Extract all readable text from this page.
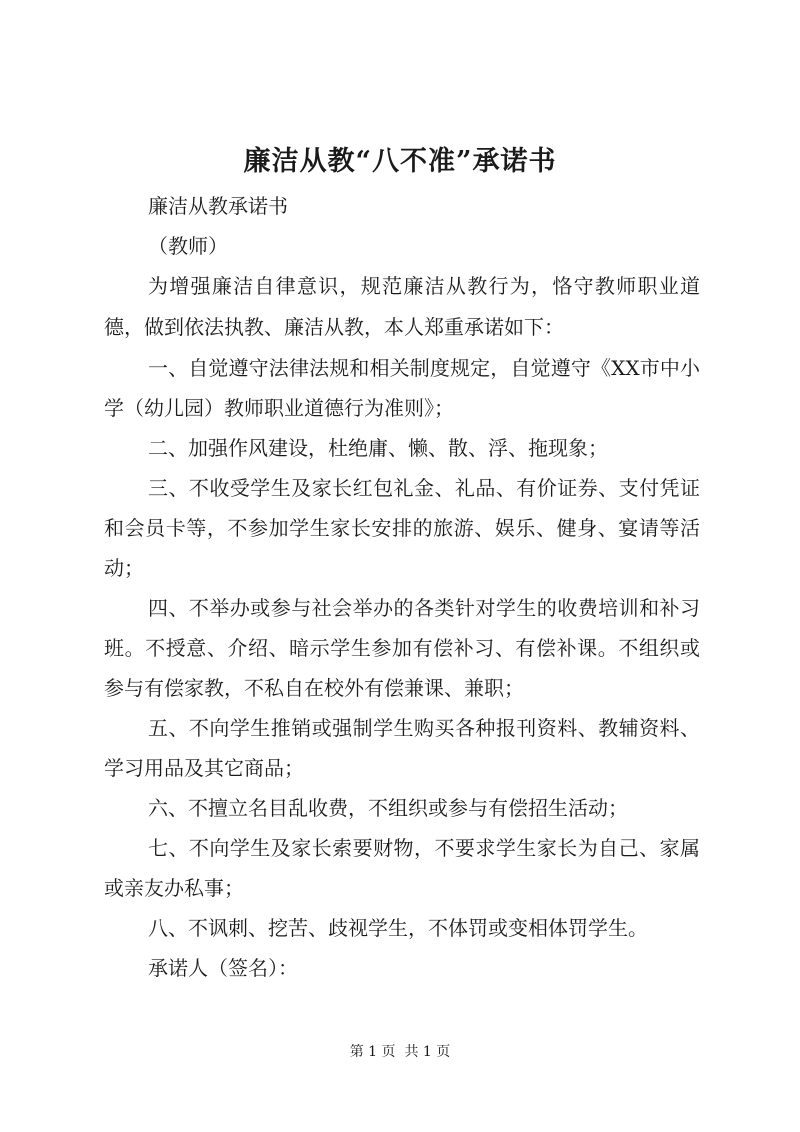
廉洁从教“八不准”承诺书

廉洁从教承诺书

（教师）

为增强廉洁自律意识，规范廉洁从教行为，恪守教师职业道德，做到依法执教、廉洁从教，本人郑重承诺如下：

一、自觉遵守法律法规和相关制度规定，自觉遵守《XX市中小学（幼儿园）教师职业道德行为准则》；

二、加强作风建设，杜绝庸、懒、散、浮、拖现象；

三、不收受学生及家长红包礼金、礼品、有价证券、支付凭证和会员卡等，不参加学生家长安排的旅游、娱乐、健身、宴请等活动；

四、不举办或参与社会举办的各类针对学生的收费培训和补习班。不授意、介绍、暗示学生参加有偿补习、有偿补课。不组织或参与有偿家教，不私自在校外有偿兼课、兼职；

五、不向学生推销或强制学生购买各种报刊资料、教辅资料、学习用品及其它商品；

六、不擅立名目乱收费，不组织或参与有偿招生活动；

七、不向学生及家长索要财物，不要求学生家长为自己、家属或亲友办私事；

八、不讽刺、挖苦、歧视学生，不体罚或变相体罚学生。

承诺人（签名）：

第 1 页  共 1 页
